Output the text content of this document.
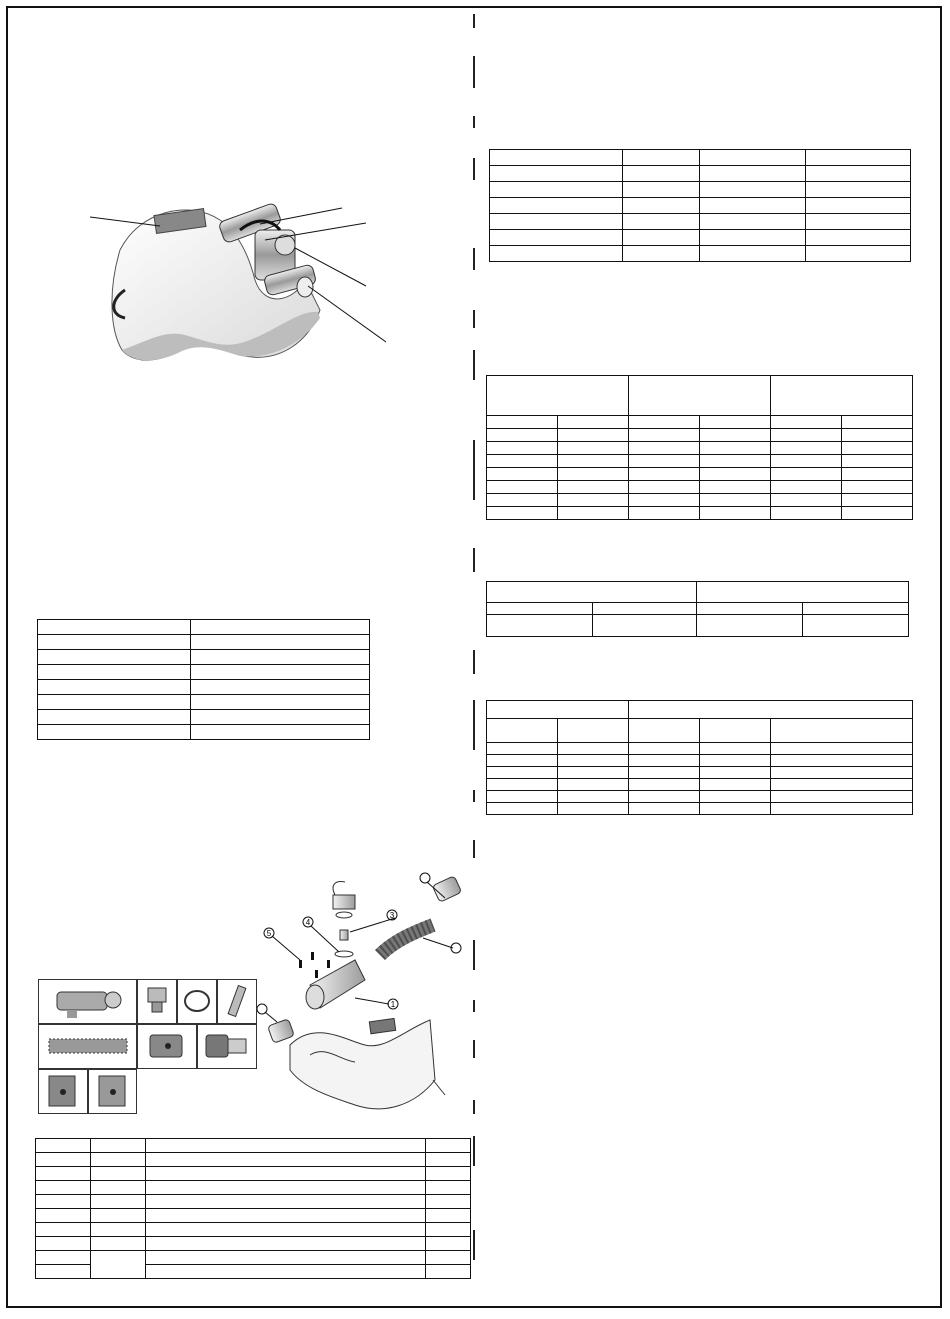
3
4
5
1
